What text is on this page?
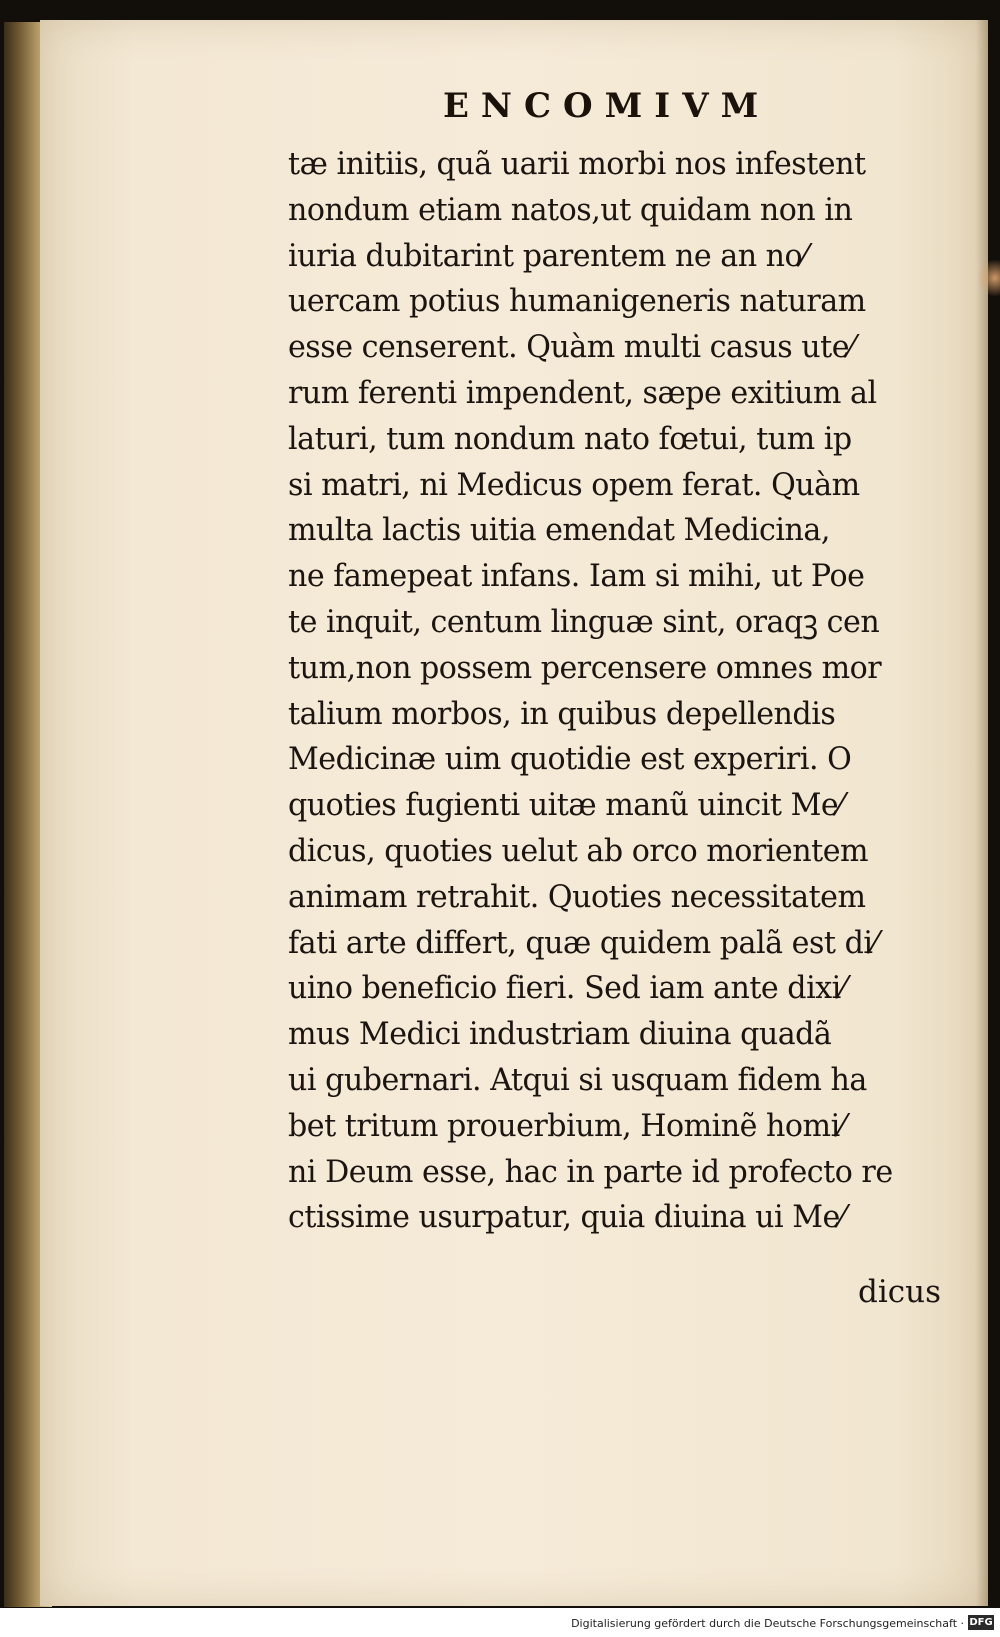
ENCOMIVM
tæ initiis, quã uarii morbi nos infestent
nondum etiam natos,ut quidam non in
iuria dubitarint parentem ne an no⁄
uercam potius humanigeneris naturam
esse censerent. Quàm multi casus ute⁄
rum ferenti impendent, sæpe exitium al
laturi, tum nondum nato fœtui, tum ip
si matri, ni Medicus opem ferat. Quàm
multa lactis uitia emendat Medicina,
ne famepeat infans. Iam si mihi, ut Poe
te inquit, centum linguæ sint, oraqꝫ cen
tum,non possem percensere omnes mor
talium morbos, in quibus depellendis
Medicinæ uim quotidie est experiri. O
quoties fugienti uitæ manũ uincit Me⁄
dicus, quoties uelut ab orco morientem
animam retrahit. Quoties necessitatem
fati arte differt, quæ quidem palã est di⁄
uino beneficio fieri. Sed iam ante dixi⁄
mus Medici industriam diuina quadã
ui gubernari. Atqui si usquam fidem ha
bet tritum prouerbium, Hominẽ homi⁄
ni Deum esse, hac in parte id profecto re
ctissime usurpatur, quia diuina ui Me⁄
dicus
Digitalisierung gefördert durch die Deutsche Forschungsgemeinschaft · DFG
